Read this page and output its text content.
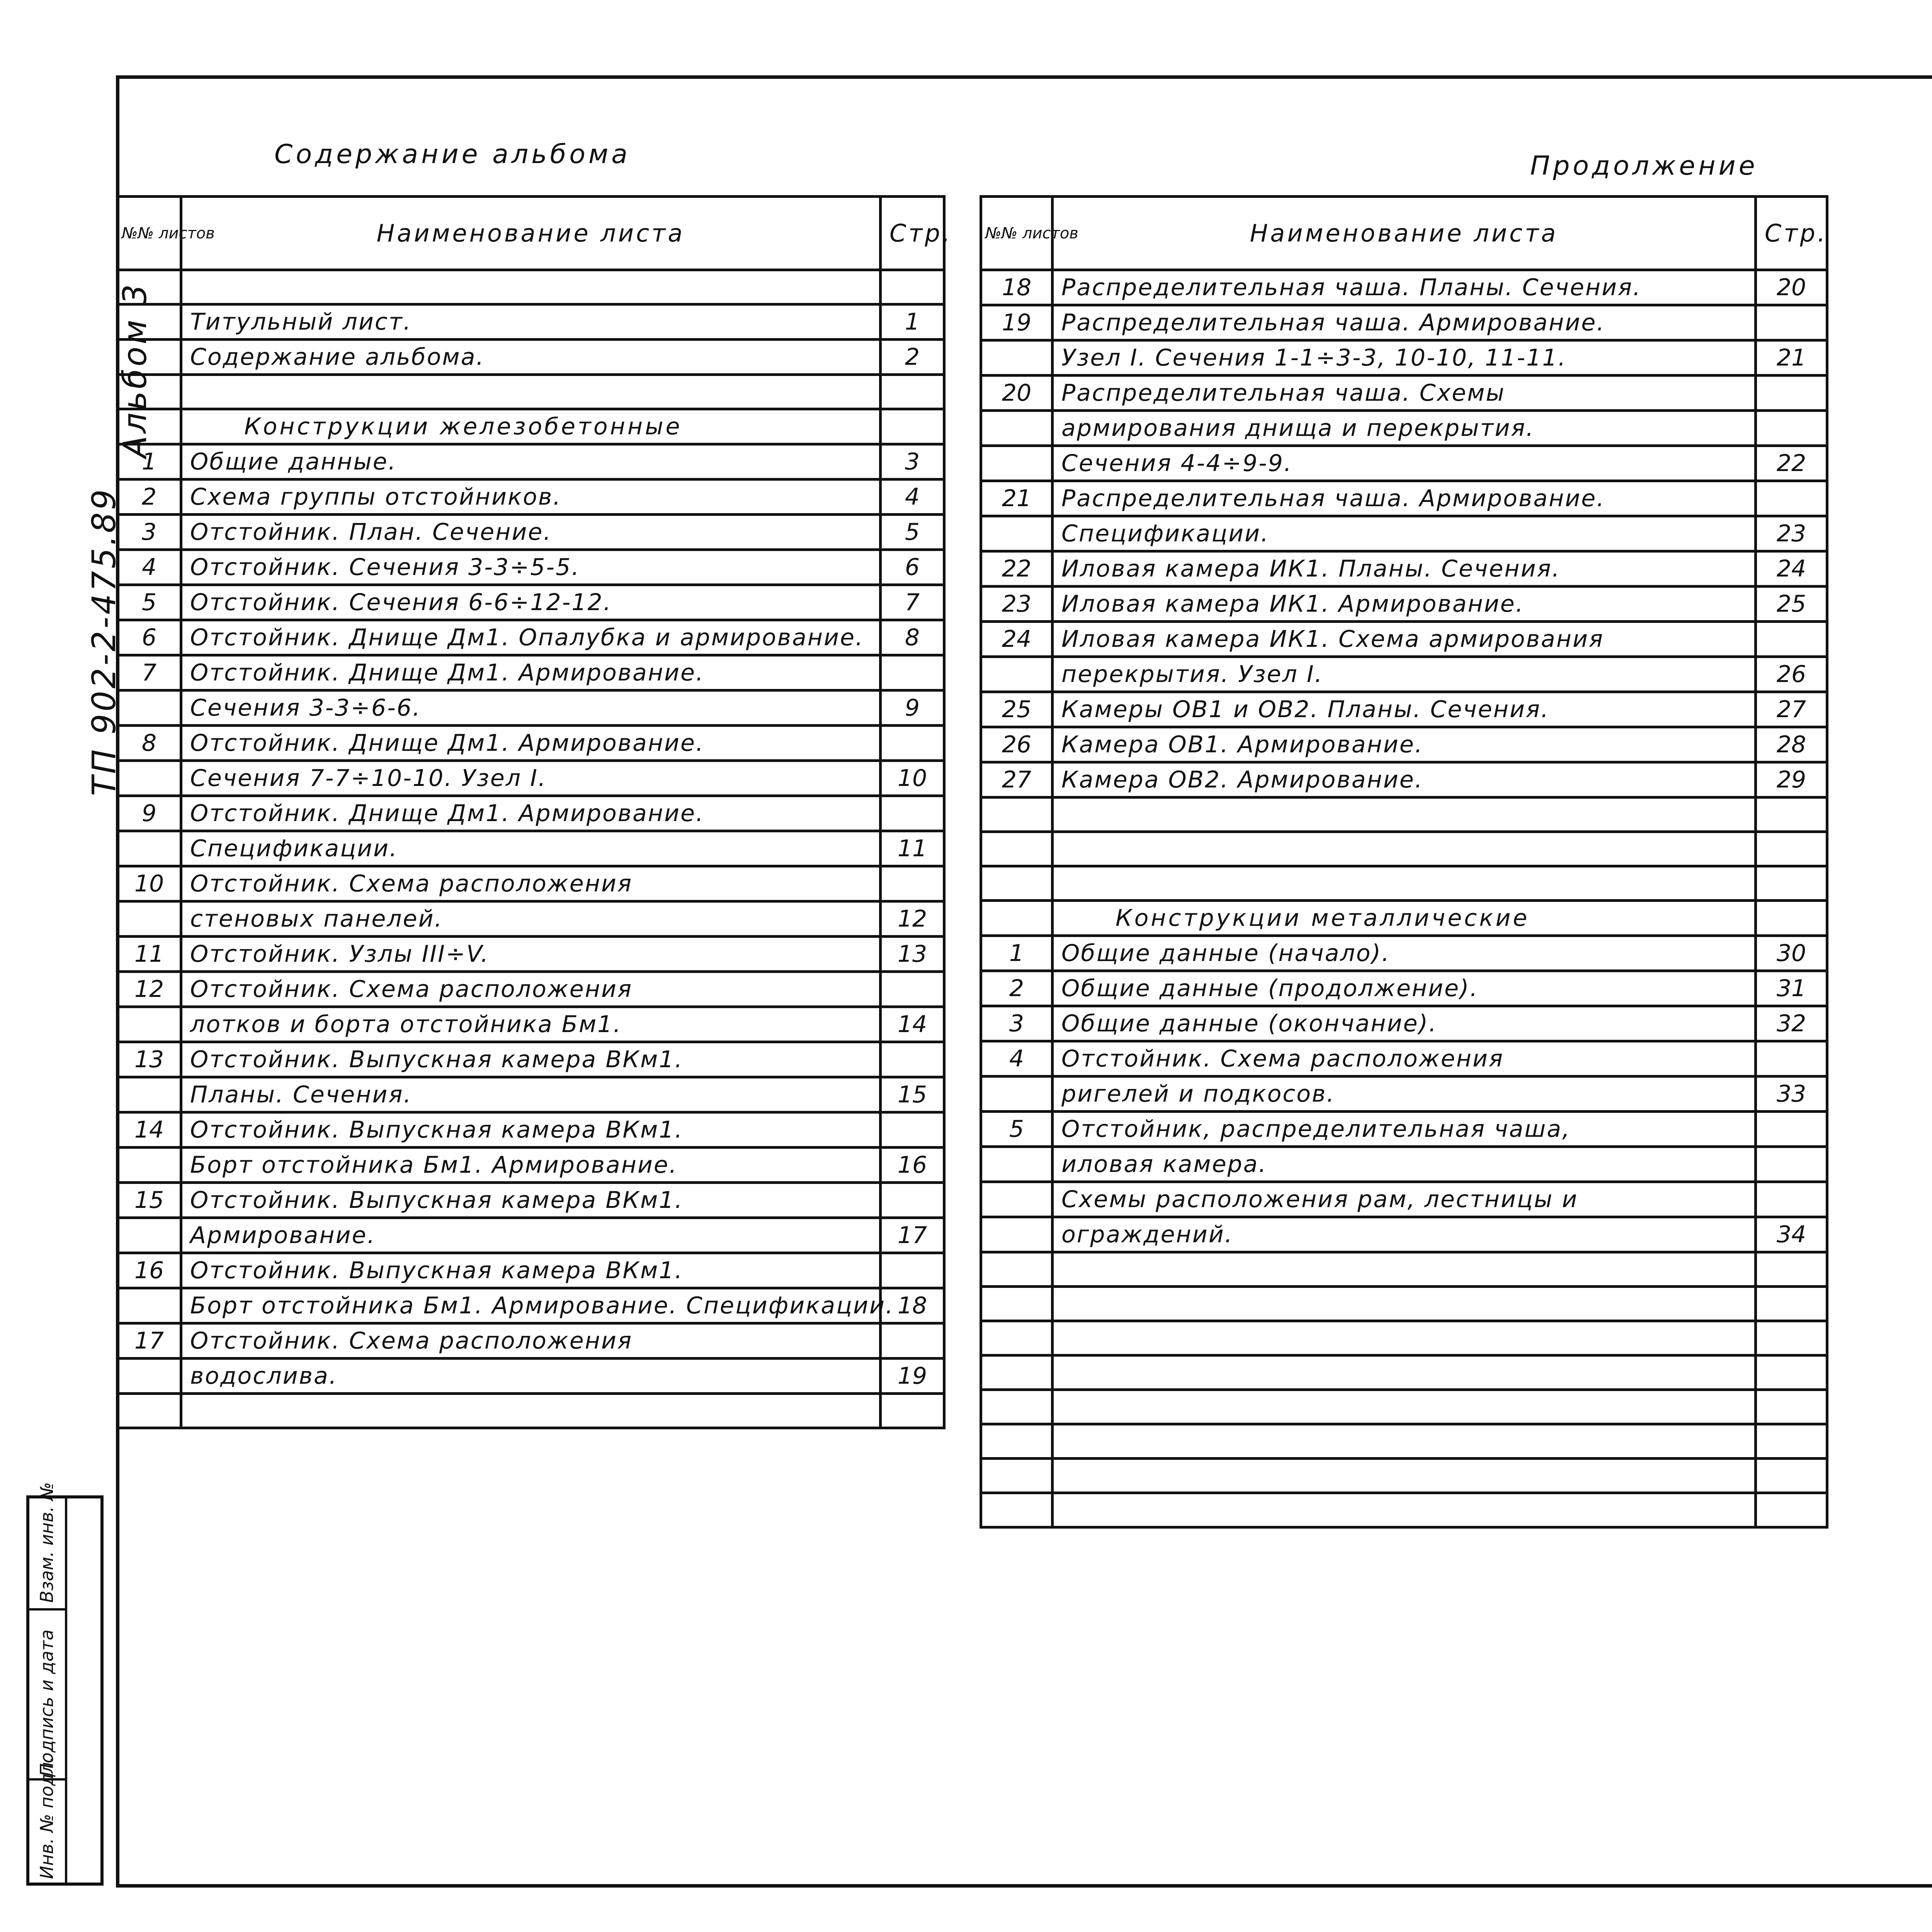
ТП 902-2-475.89
Альбом 3
Взам. инв. №
Подпись и дата
Инв. № подл.
Содержание альбома	Продолжение
№№ листов	Наименование листа	Стр.

	Титульный лист.	1
	Содержание альбома.	2

	Конструкции железобетонные	
1	Общие данные.	3
2	Схема группы отстойников.	4
3	Отстойник. План. Сечение.	5
4	Отстойник. Сечения 3-3÷5-5.	6
5	Отстойник. Сечения 6-6÷12-12.	7
6	Отстойник. Днище Дм1. Опалубка и армирование.	8
7	Отстойник. Днище Дм1. Армирование.	
	Сечения 3-3÷6-6.	9
8	Отстойник. Днище Дм1. Армирование.	
	Сечения 7-7÷10-10. Узел I.	10
9	Отстойник. Днище Дм1. Армирование.	
	Спецификации.	11
10	Отстойник. Схема расположения	
	стеновых панелей.	12
11	Отстойник. Узлы III÷V.	13
12	Отстойник. Схема расположения	
	лотков и борта отстойника Бм1.	14
13	Отстойник. Выпускная камера ВКм1.	
	Планы. Сечения.	15
14	Отстойник. Выпускная камера ВКм1.	
	Борт отстойника Бм1. Армирование.	16
15	Отстойник. Выпускная камера ВКм1.	
	Армирование.	17
16	Отстойник. Выпускная камера ВКм1.	
	Борт отстойника Бм1. Армирование. Спецификации.	18
17	Отстойник. Схема расположения	
	водослива.	19

№№ листов	Наименование листа	Стр.
18	Распределительная чаша. Планы. Сечения.	20
19	Распределительная чаша. Армирование.	
	Узел I. Сечения 1-1÷3-3, 10-10, 11-11.	21
20	Распределительная чаша. Схемы	
	армирования днища и перекрытия.	
	Сечения 4-4÷9-9.	22
21	Распределительная чаша. Армирование.	
	Спецификации.	23
22	Иловая камера ИК1. Планы. Сечения.	24
23	Иловая камера ИК1. Армирование.	25
24	Иловая камера ИК1. Схема армирования	
	перекрытия. Узел I.	26
25	Камеры ОВ1 и ОВ2. Планы. Сечения.	27
26	Камера ОВ1. Армирование.	28
27	Камера ОВ2. Армирование.	29

	Конструкции металлические	
1	Общие данные (начало).	30
2	Общие данные (продолжение).	31
3	Общие данные (окончание).	32
4	Отстойник. Схема расположения	
	ригелей и подкосов.	33
5	Отстойник, распределительная чаша,	
	иловая камера.	
	Схемы расположения рам, лестницы и	
	ограждений.	34
